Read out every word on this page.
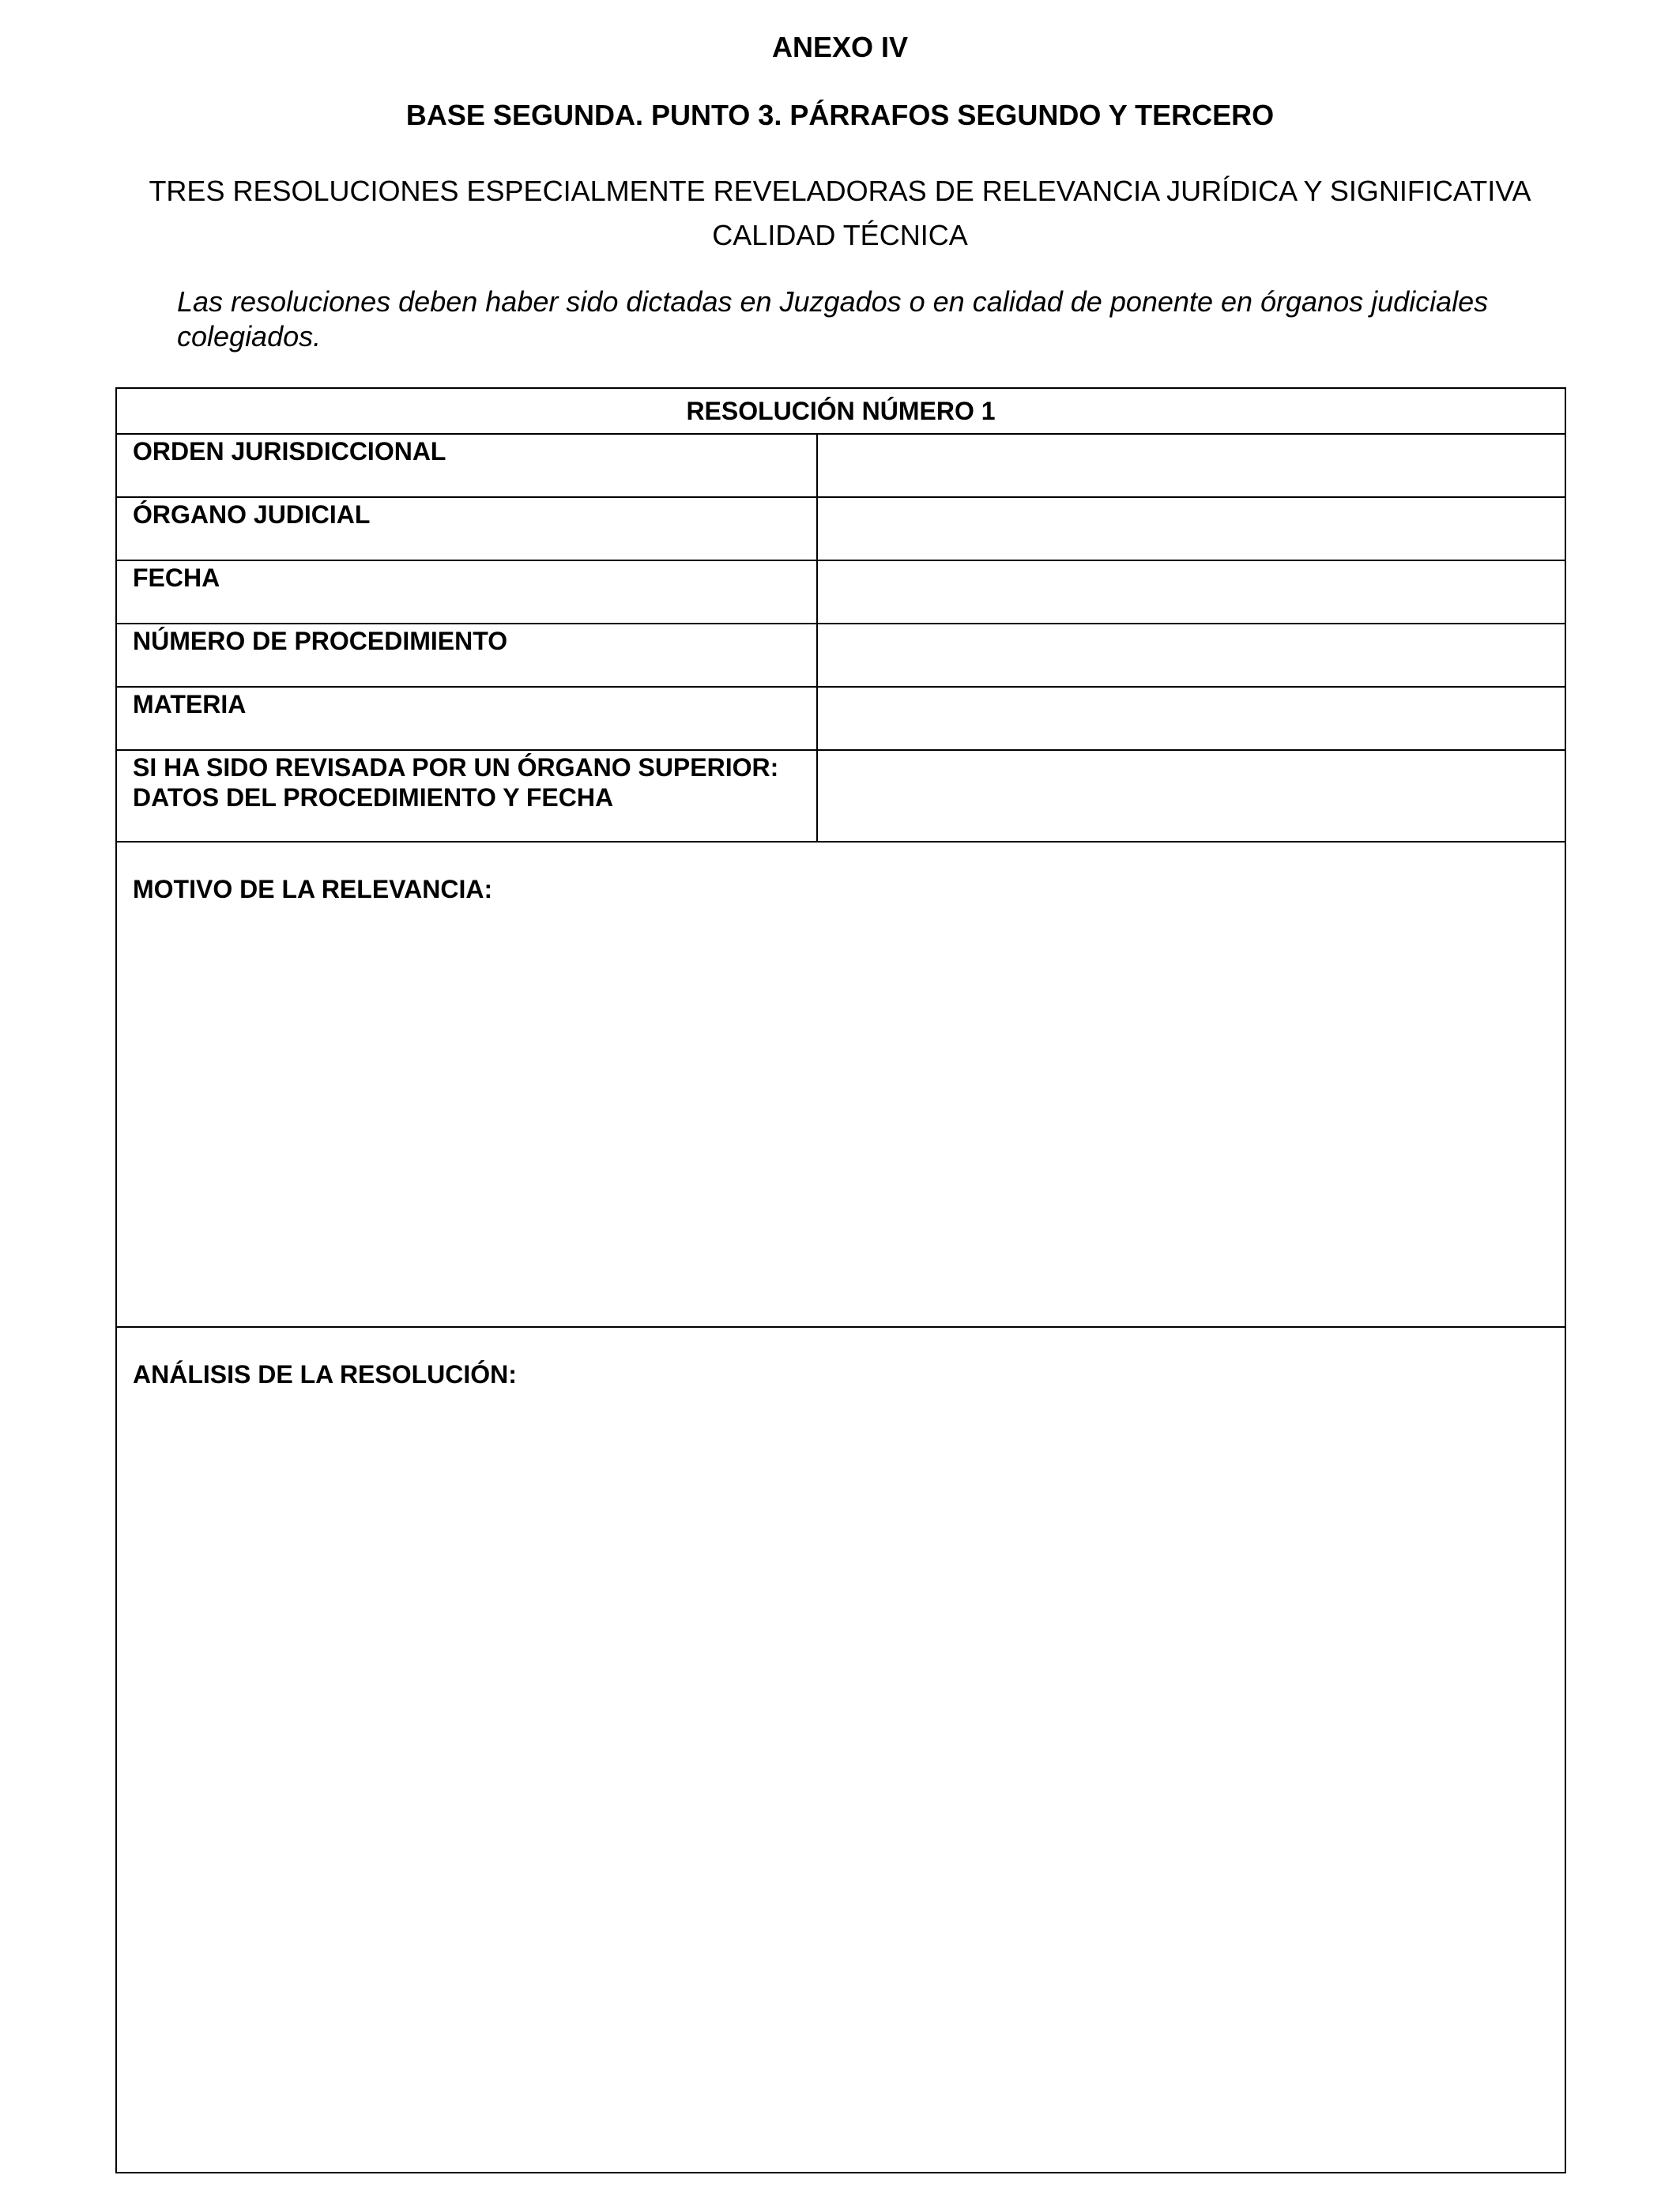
ANEXO IV
BASE SEGUNDA. PUNTO 3. PÁRRAFOS SEGUNDO Y TERCERO
TRES RESOLUCIONES ESPECIALMENTE REVELADORAS DE RELEVANCIA JURÍDICA Y SIGNIFICATIVA CALIDAD TÉCNICA
Las resoluciones deben haber sido dictadas en Juzgados o en calidad de ponente en órganos judiciales colegiados.
RESOLUCIÓN NÚMERO 1	
ORDEN JURISDICCIONAL	
ÓRGANO JUDICIAL	
FECHA	
NÚMERO DE PROCEDIMIENTO	
MATERIA	
SI HA SIDO REVISADA POR UN ÓRGANO SUPERIOR:
DATOS DEL PROCEDIMIENTO Y FECHA	
MOTIVO DE LA RELEVANCIA:	
ANÁLISIS DE LA RESOLUCIÓN:	
